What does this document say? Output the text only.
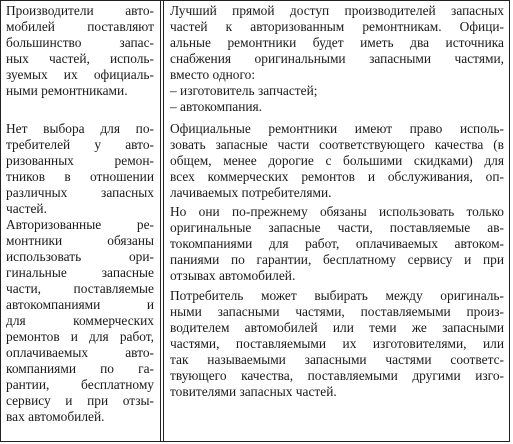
Производители авто-
мобилей поставляют
большинство запас-
ных частей, исполь-
зуемых их официаль-
ными ремонтниками.
Нет выбора для по-
требителей у авто-
ризованных ремон-
тников в отношении
различных запасных
частей.
Авторизованные ре-
монтники обязаны
использовать ори-
гинальные запасные
части, поставляемые
автокомпаниями и
для коммерческих
ремонтов и для работ,
оплачиваемых авто-
компаниями по га-
рантии, бесплатному
сервису и при отзы-
вах автомобилей.
Лучший прямой доступ производителей запасных
частей к авторизованным ремонтникам. Офици-
альные ремонтники будет иметь два источника
снабжения оригинальными запасными частями,
вместо одного:
– изготовитель запчастей;
– автокомпания.
Официальные ремонтники имеют право исполь-
зовать запасные части соответствующего качества (в
общем, менее дорогие с большими скидками) для
всех коммерческих ремонтов и обслуживания, оп-
лачиваемых потребителями.
Но они по-прежнему обязаны использовать только
оригинальные запасные части, поставляемые ав-
токомпаниями для работ, оплачиваемых автоком-
паниями по гарантии, бесплатному сервису и при
отзывах автомобилей.
Потребитель может выбирать между оригиналь-
ными запасными частями, поставляемыми произ-
водителем автомобилей или теми же запасными
частями, поставляемыми их изготовителями, или
так называемыми запасными частями соответс-
твующего качества, поставляемыми другими изго-
товителями запасных частей.
